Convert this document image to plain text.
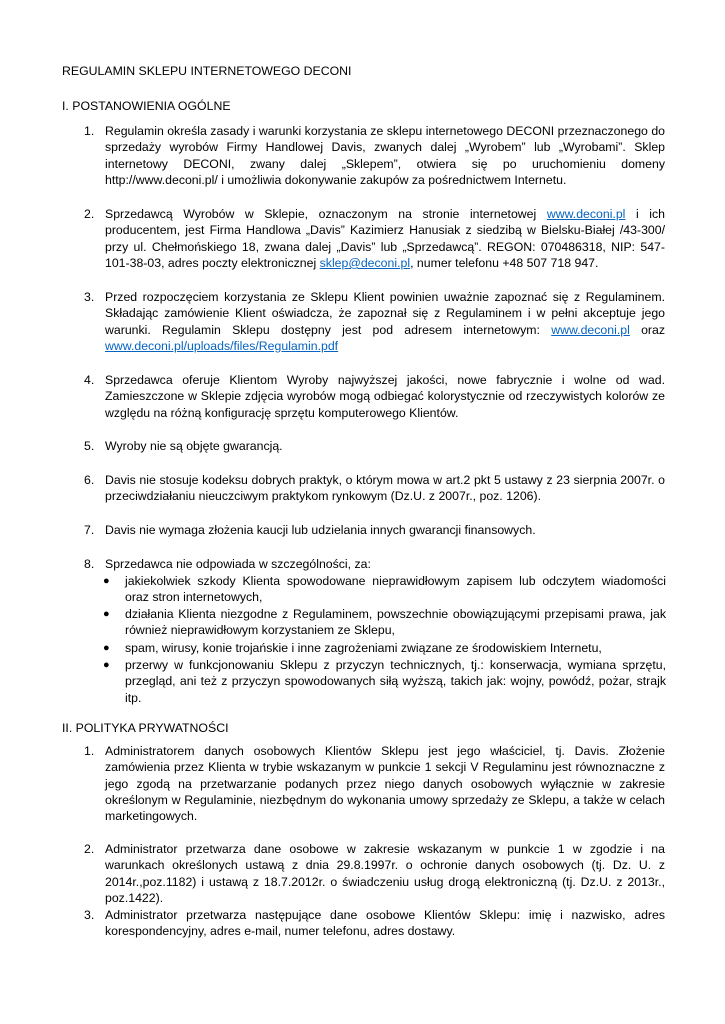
REGULAMIN SKLEPU INTERNETOWEGO DECONI
I. POSTANOWIENIA OGÓLNE
1. Regulamin określa zasady i warunki korzystania ze sklepu internetowego DECONI przeznaczonego do sprzedaży wyrobów Firmy Handlowej Davis, zwanych dalej „Wyrobem” lub „Wyrobami”. Sklep internetowy DECONI, zwany dalej „Sklepem”, otwiera się po uruchomieniu domeny http://www.deconi.pl/ i umożliwia dokonywanie zakupów za pośrednictwem Internetu.

2. Sprzedawcą Wyrobów w Sklepie, oznaczonym na stronie internetowej www.deconi.pl i ich producentem, jest Firma Handlowa „Davis” Kazimierz Hanusiak z siedzibą w Bielsku-Białej /43-300/ przy ul. Chełmońskiego 18, zwana dalej „Davis” lub „Sprzedawcą”. REGON: 070486318, NIP: 547-101-38-03, adres poczty elektronicznej sklep@deconi.pl, numer telefonu +48 507 718 947.

3. Przed rozpoczęciem korzystania ze Sklepu Klient powinien uważnie zapoznać się z Regulaminem. Składając zamówienie Klient oświadcza, że zapoznał się z Regulaminem i w pełni akceptuje jego warunki. Regulamin Sklepu dostępny jest pod adresem internetowym: www.deconi.pl oraz www.deconi.pl/uploads/files/Regulamin.pdf

4. Sprzedawca oferuje Klientom Wyroby najwyższej jakości, nowe fabrycznie i wolne od wad. Zamieszczone w Sklepie zdjęcia wyrobów mogą odbiegać kolorystycznie od rzeczywistych kolorów ze względu na różną konfigurację sprzętu komputerowego Klientów.

5. Wyroby nie są objęte gwarancją.

6. Davis nie stosuje kodeksu dobrych praktyk, o którym mowa w art.2 pkt 5 ustawy z 23 sierpnia 2007r. o przeciwdziałaniu nieuczciwym praktykom rynkowym (Dz.U. z 2007r., poz. 1206).

7. Davis nie wymaga złożenia kaucji lub udzielania innych gwarancji finansowych.

8. Sprzedawca nie odpowiada w szczególności, za:

● jakiekolwiek szkody Klienta spowodowane nieprawidłowym zapisem lub odczytem wiadomości oraz stron internetowych,
● działania Klienta niezgodne z Regulaminem, powszechnie obowiązującymi przepisami prawa, jak również nieprawidłowym korzystaniem ze Sklepu,
● spam, wirusy, konie trojańskie i inne zagrożeniami związane ze środowiskiem Internetu,
● przerwy w funkcjonowaniu Sklepu z przyczyn technicznych, tj.: konserwacja, wymiana sprzętu, przegląd, ani też z przyczyn spowodowanych siłą wyższą, takich jak: wojny, powódź, pożar, strajk itp.
II. POLITYKA PRYWATNOŚCI
1. Administratorem danych osobowych Klientów Sklepu jest jego właściciel, tj. Davis. Złożenie zamówienia przez Klienta w trybie wskazanym w punkcie 1 sekcji V Regulaminu jest równoznaczne z jego zgodą na przetwarzanie podanych przez niego danych osobowych wyłącznie w zakresie określonym w Regulaminie, niezbędnym do wykonania umowy sprzedaży ze Sklepu, a także w celach marketingowych.

2. Administrator przetwarza dane osobowe w zakresie wskazanym w punkcie 1 w zgodzie i na warunkach określonych ustawą z dnia 29.8.1997r. o ochronie danych osobowych (tj. Dz. U. z 2014r.,poz.1182) i ustawą z 18.7.2012r. o świadczeniu usług drogą elektroniczną (tj. Dz.U. z 2013r., poz.1422).

3. Administrator przetwarza następujące dane osobowe Klientów Sklepu: imię i nazwisko, adres korespondencyjny, adres e-mail, numer telefonu, adres dostawy.
